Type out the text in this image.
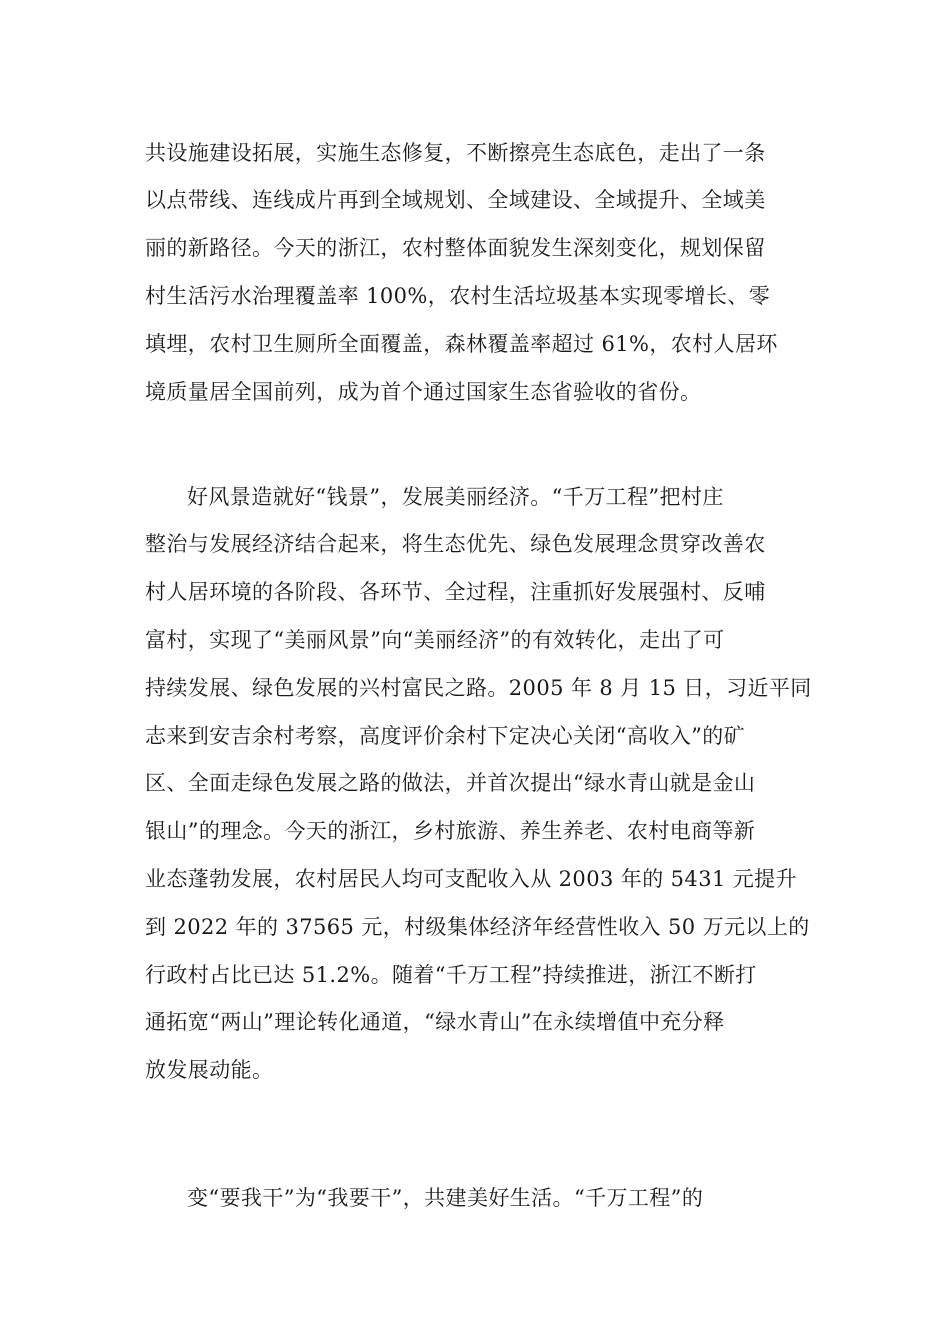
共设施建设拓展，实施生态修复，不断擦亮生态底色，走出了一条
以点带线、连线成片再到全域规划、全域建设、全域提升、全域美
丽的新路径。今天的浙江，农村整体面貌发生深刻变化，规划保留
村生活污水治理覆盖率 100%，农村生活垃圾基本实现零增长、零
填埋，农村卫生厕所全面覆盖，森林覆盖率超过 61%，农村人居环
境质量居全国前列，成为首个通过国家生态省验收的省份。
好风景造就好“钱景”，发展美丽经济。“千万工程”把村庄
整治与发展经济结合起来，将生态优先、绿色发展理念贯穿改善农
村人居环境的各阶段、各环节、全过程，注重抓好发展强村、反哺
富村，实现了“美丽风景”向“美丽经济”的有效转化，走出了可
持续发展、绿色发展的兴村富民之路。2005 年 8 月 15 日，习近平同
志来到安吉余村考察，高度评价余村下定决心关闭“高收入”的矿
区、全面走绿色发展之路的做法，并首次提出“绿水青山就是金山
银山”的理念。今天的浙江，乡村旅游、养生养老、农村电商等新
业态蓬勃发展，农村居民人均可支配收入从 2003 年的 5431 元提升
到 2022 年的 37565 元，村级集体经济年经营性收入 50 万元以上的
行政村占比已达 51.2%。随着“千万工程”持续推进，浙江不断打
通拓宽“两山”理论转化通道，“绿水青山”在永续增值中充分释
放发展动能。
变“要我干”为“我要干”，共建美好生活。“千万工程”的
